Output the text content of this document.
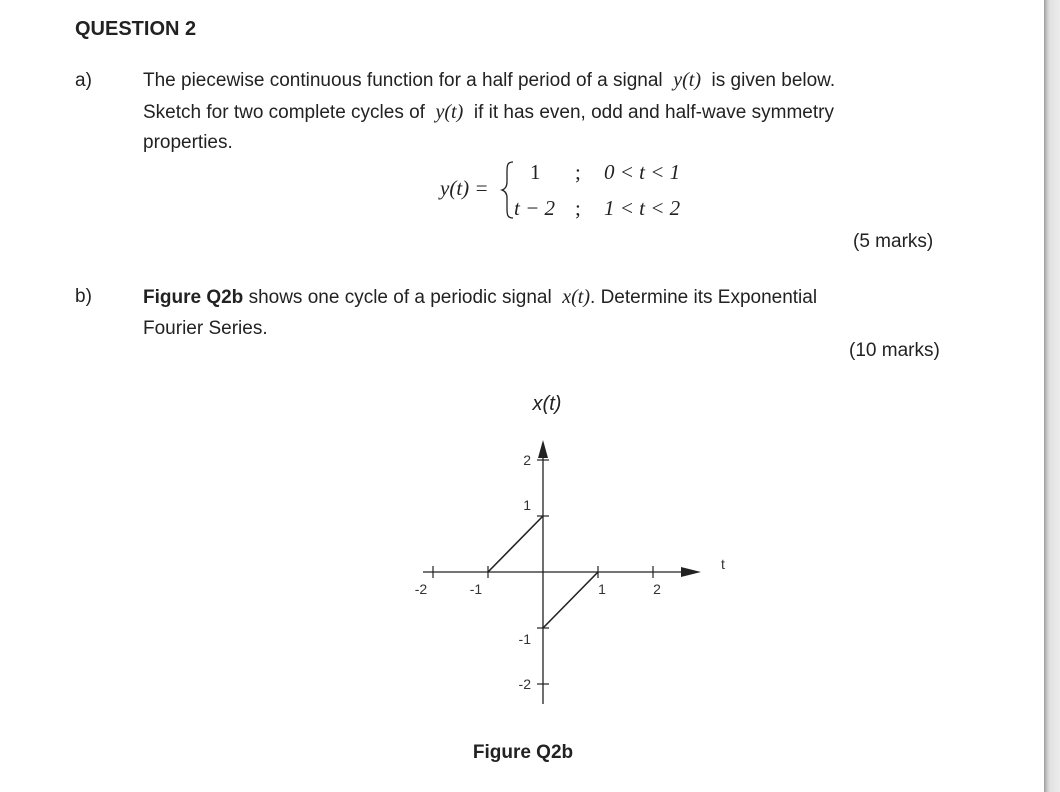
QUESTION 2
a)	The piecewise continuous function for a half period of a signal y(t) is given below.
Sketch for two complete cycles of y(t) if it has even, odd and half-wave symmetry
properties.
y(t) =
1 ; 0 < t < 1
t − 2 ; 1 < t < 2
(5 marks)
b)	Figure Q2b shows one cycle of a periodic signal x(t). Determine its Exponential
Fourier Series.
(10 marks)
x(t)
t
-2	-1	1	2
2
1
-1
-2
Figure Q2b
